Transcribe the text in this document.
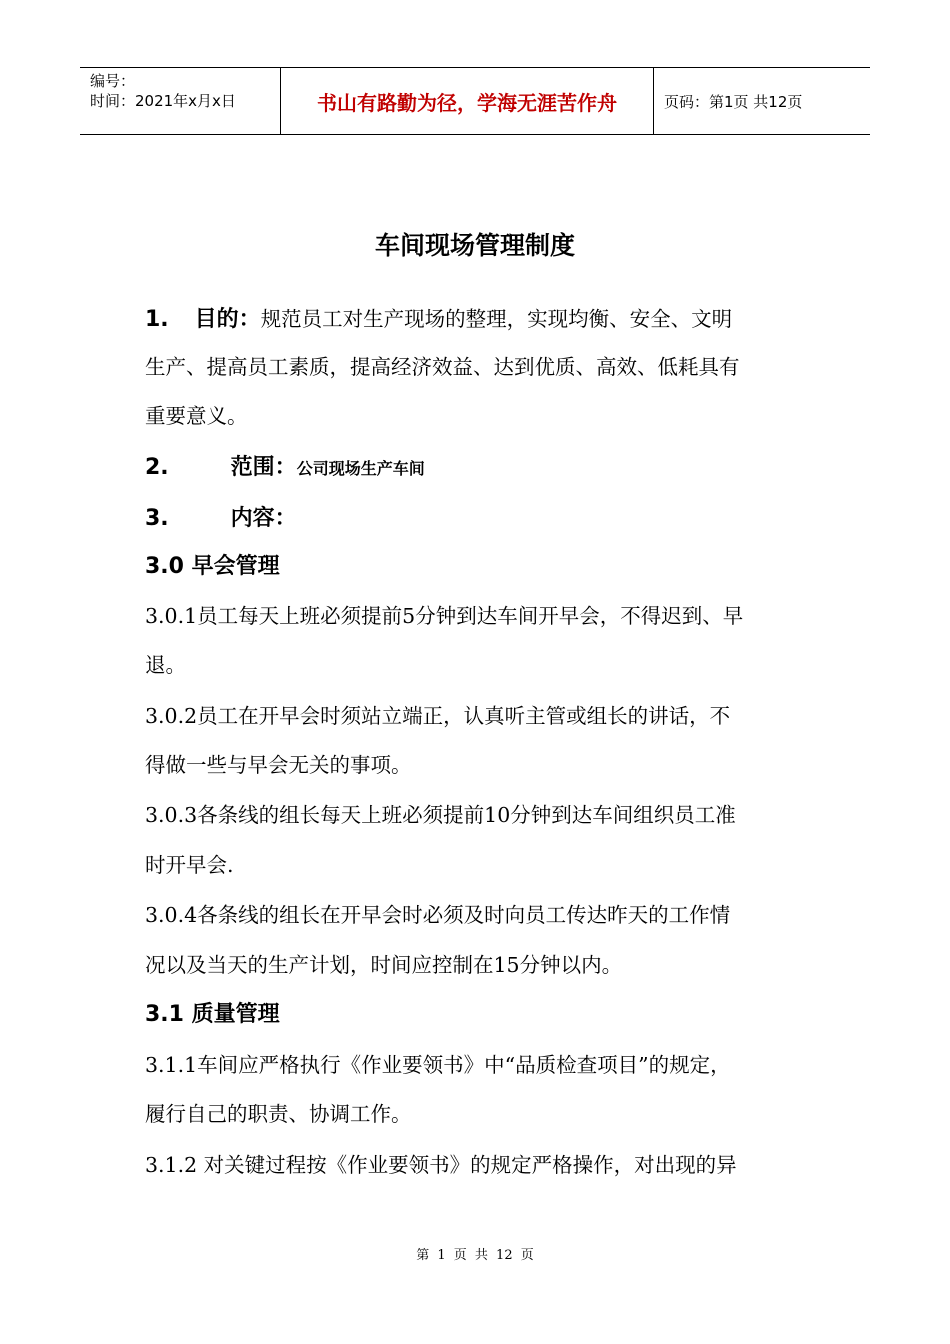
编号：
时间：2021年x月x日	书山有路勤为径，学海无涯苦作舟	页码：第1页 共12页
车间现场管理制度
1. 目的：规范员工对生产现场的整理，实现均衡、安全、文明
生产、提高员工素质，提高经济效益、达到优质、高效、低耗具有
重要意义。
2.	范围：公司现场生产车间
3.	内容：
3.0 早会管理
3.0.1员工每天上班必须提前5分钟到达车间开早会，不得迟到、早
退。
3.0.2员工在开早会时须站立端正，认真听主管或组长的讲话，不
得做一些与早会无关的事项。
3.0.3各条线的组长每天上班必须提前10分钟到达车间组织员工准
时开早会.
3.0.4各条线的组长在开早会时必须及时向员工传达昨天的工作情
况以及当天的生产计划，时间应控制在15分钟以内。
3.1 质量管理
3.1.1车间应严格执行《作业要领书》中“品质检查项目”的规定，
履行自己的职责、协调工作。
3.1.2 对关键过程按《作业要领书》的规定严格操作，对出现的异
第 1 页 共 12 页
